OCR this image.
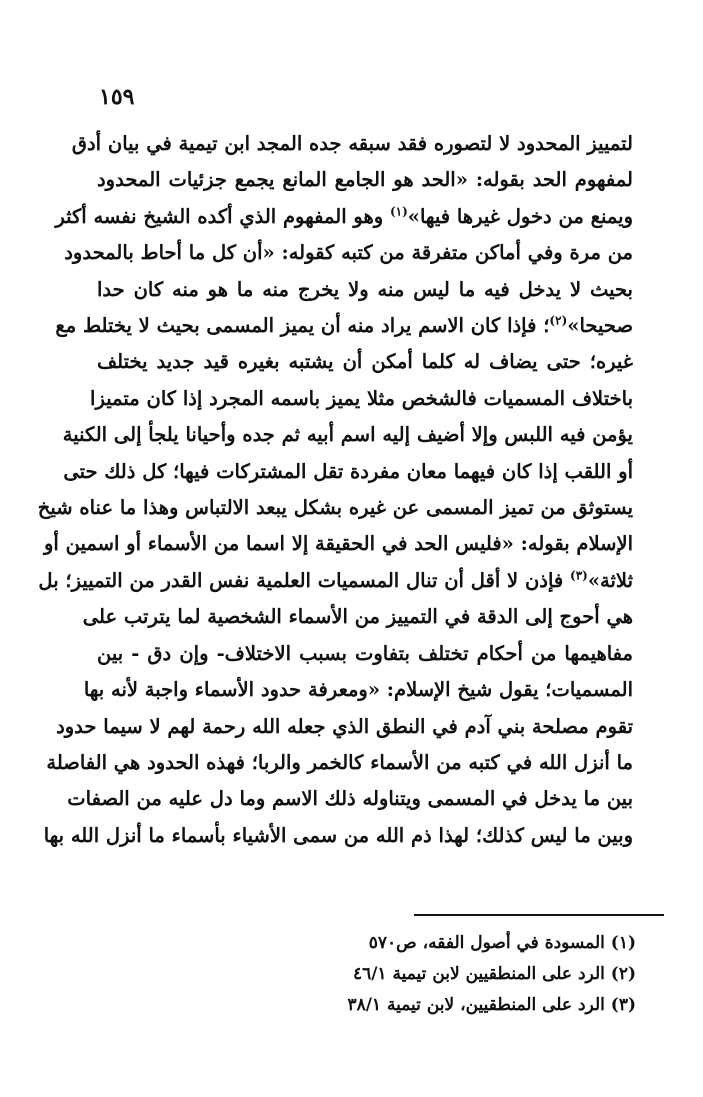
١٥٩
لتمييز المحدود لا لتصوره فقد سبقه جده المجد ابن تيمية في بيان أدق
لمفهوم الحد بقوله: «الحد هو الجامع المانع يجمع جزئيات المحدود
ويمنع من دخول غيرها فيها»$^{(١)}$ وهو المفهوم الذي أكده الشيخ نفسه أكثر
من مرة وفي أماكن متفرقة من كتبه كقوله: «أن كل ما أحاط بالمحدود
بحيث لا يدخل فيه ما ليس منه ولا يخرج منه ما هو منه كان حدا
صحيحا»$^{(٢)}$؛ فإذا كان الاسم يراد منه أن يميز المسمى بحيث لا يختلط مع
غيره؛ حتى يضاف له كلما أمكن أن يشتبه بغيره قيد جديد يختلف
باختلاف المسميات فالشخص مثلا يميز باسمه المجرد إذا كان متميزا
يؤمن فيه اللبس وإلا أضيف إليه اسم أبيه ثم جده وأحيانا يلجأ إلى الكنية
أو اللقب إذا كان فيهما معان مفردة تقل المشتركات فيها؛ كل ذلك حتى
يستوثق من تميز المسمى عن غيره بشكل يبعد الالتباس وهذا ما عناه شيخ
الإسلام بقوله: «فليس الحد في الحقيقة إلا اسما من الأسماء أو اسمين أو
ثلاثة»$^{(٣)}$ فإذن لا أقل أن تنال المسميات العلمية نفس القدر من التمييز؛ بل
هي أحوج إلى الدقة في التمييز من الأسماء الشخصية لما يترتب على
مفاهيمها من أحكام تختلف بتفاوت بسبب الاختلاف- وإن دق - بين
المسميات؛ يقول شيخ الإسلام: «ومعرفة حدود الأسماء واجبة لأنه بها
تقوم مصلحة بني آدم في النطق الذي جعله الله رحمة لهم لا سيما حدود
ما أنزل الله في كتبه من الأسماء كالخمر والربا؛ فهذه الحدود هي الفاصلة
بين ما يدخل في المسمى ويتناوله ذلك الاسم وما دل عليه من الصفات
وبين ما ليس كذلك؛ لهذا ذم الله من سمى الأشياء بأسماء ما أنزل الله بها
(١) المسودة في أصول الفقه، ص٥٧٠
(٢) الرد على المنطقيين لابن تيمية ٤٦/١
(٣) الرد على المنطقيين، لابن تيمية ٣٨/١
